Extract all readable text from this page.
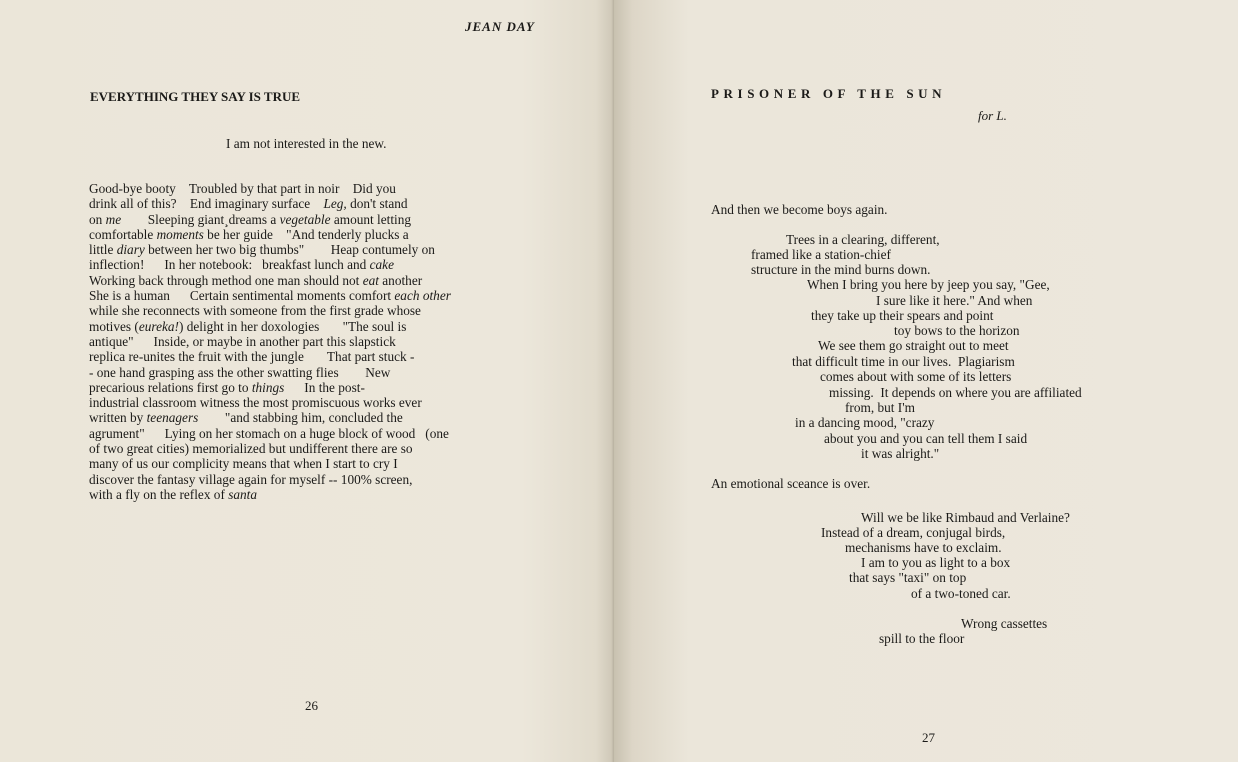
JEAN DAY
EVERYTHING THEY SAY IS TRUE
I am not interested in the new.
Good-bye booty    Troubled by that part in noir    Did you
drink all of this?    End imaginary surface    Leg, don't stand
on me        Sleeping giant¸dreams a vegetable amount letting
comfortable moments be her guide    "And tenderly plucks a
little diary between her two big thumbs"        Heap contumely on
inflection!      In her notebook:   breakfast lunch and cake
Working back through method one man should not eat another
She is a human      Certain sentimental moments comfort each other
while she reconnects with someone from the first grade whose
motives (eureka!) delight in her doxologies       "The soul is
antique"      Inside, or maybe in another part this slapstick
replica re-unites the fruit with the jungle       That part stuck -
- one hand grasping ass the other swatting flies        New
precarious relations first go to things      In the post-
industrial classroom witness the most promiscuous works ever
written by teenagers        "and stabbing him, concluded the
agrument"      Lying on her stomach on a huge block of wood   (one
of two great cities) memorialized but undifferent there are so
many of us our complicity means that when I start to cry I
discover the fantasy village again for myself -- 100% screen,
with a fly on the reflex of santa
26
PRISONER OF THE SUN
for L.
And then we become boys again.
Trees in a clearing, different,
framed like a station-chief
structure in the mind burns down.
When I bring you here by jeep you say, "Gee,
I sure like it here." And when
they take up their spears and point
toy bows to the horizon
We see them go straight out to meet
that difficult time in our lives.  Plagiarism
comes about with some of its letters
missing.  It depends on where you are affiliated
from, but I'm
in a dancing mood, "crazy
about you and you can tell them I said
it was alright."
Will we be like Rimbaud and Verlaine?
Instead of a dream, conjugal birds,
mechanisms have to exclaim.
I am to you as light to a box
that says "taxi" on top
of a two-toned car.
Wrong cassettes
spill to the floor
An emotional sceance is over.
27
